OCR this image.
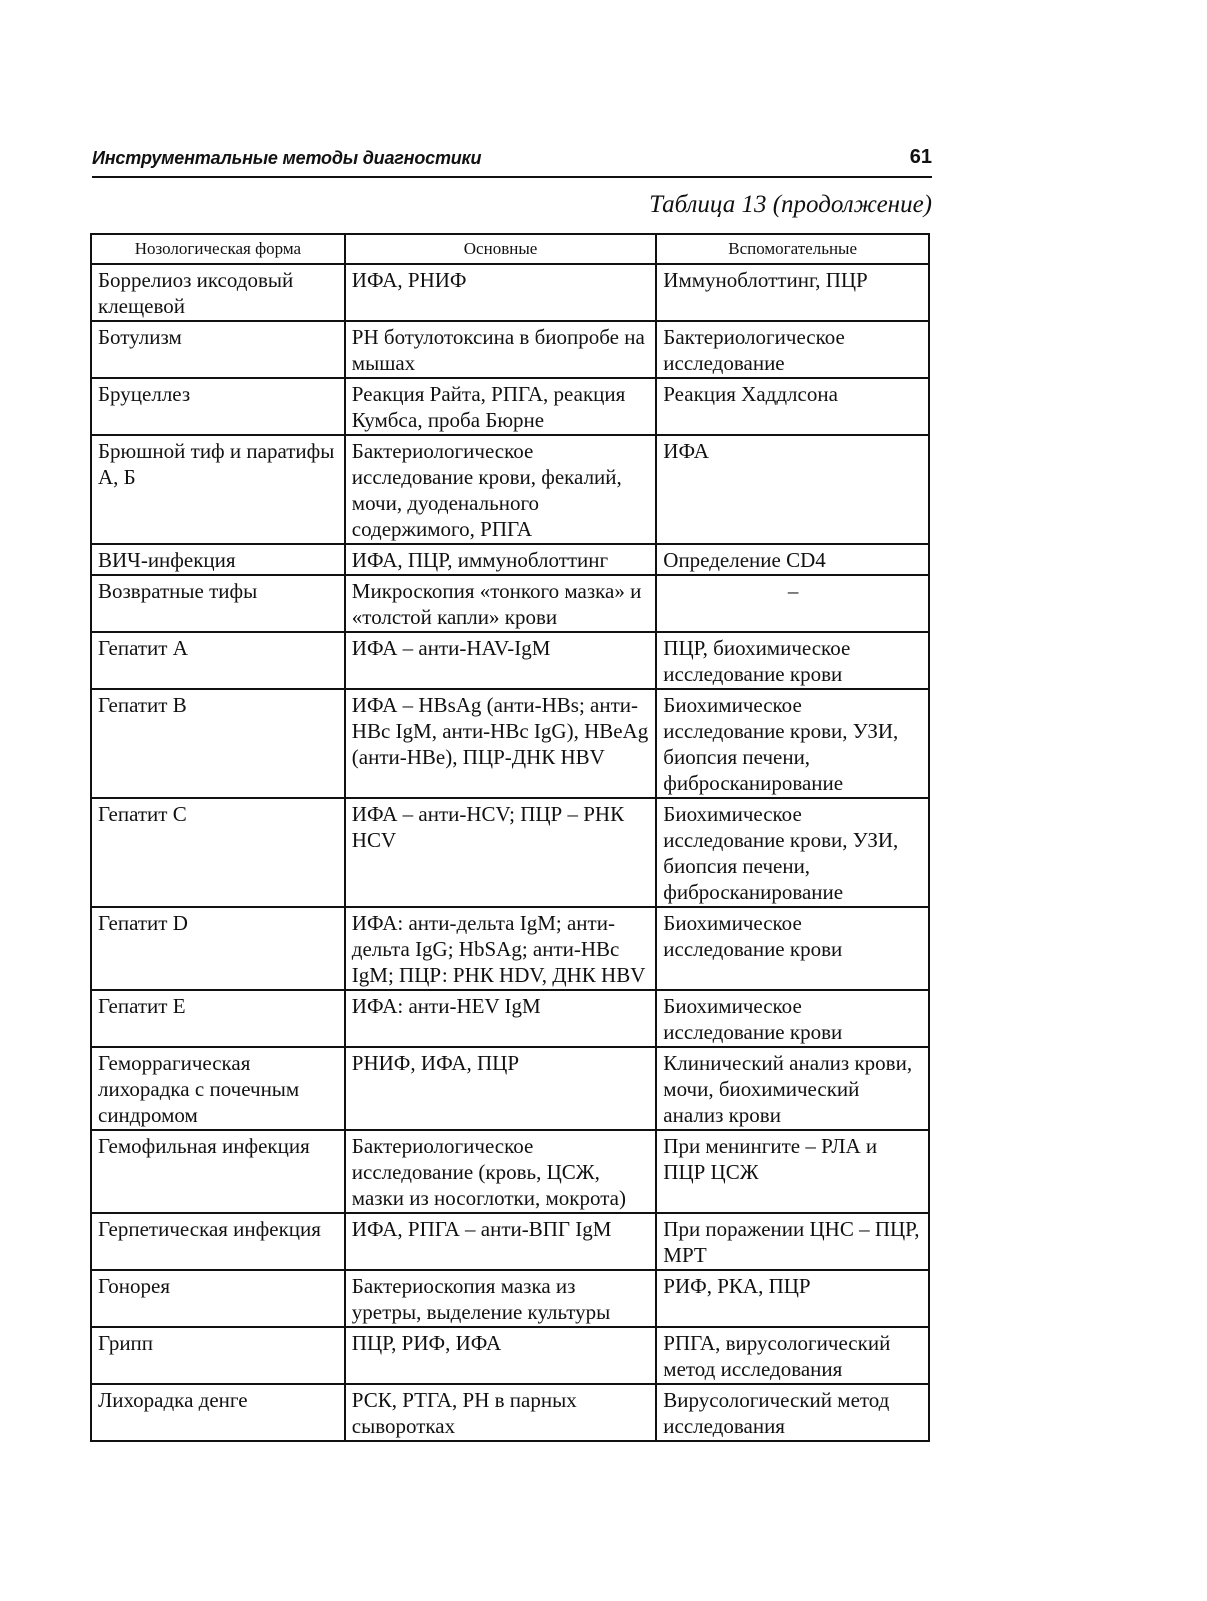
Инструментальные методы диагностики	61
Таблица 13 (продолжение)
Нозологическая форма	Основные	Вспомогательные
Боррелиоз иксодовый клещевой	ИФА, РНИФ	Иммуноблоттинг, ПЦР
Ботулизм	РН ботулотоксина в биопробе на мышах	Бактериологическое исследование
Бруцеллез	Реакция Райта, РПГА, реакция Кумбса, проба Бюрне	Реакция Хаддлсона
Брюшной тиф и паратифы А, Б	Бактериологическое исследование крови, фекалий, мочи, дуоденального содержимого, РПГА	ИФА
ВИЧ-инфекция	ИФА, ПЦР, иммуноблоттинг	Определение CD4
Возвратные тифы	Микроскопия «тонкого мазка» и «толстой капли» крови	–
Гепатит А	ИФА – анти-HAV-IgM	ПЦР, биохимическое исследование крови
Гепатит В	ИФА – HBsAg (анти-HBs; анти-HBc IgM, анти-HBc IgG), HBeAg (анти-HBe), ПЦР-ДНК HBV	Биохимическое исследование крови, УЗИ, биопсия печени, фибросканирование
Гепатит С	ИФА – анти-HCV; ПЦР – РНК HCV	Биохимическое исследование крови, УЗИ, биопсия печени, фибросканирование
Гепатит D	ИФА: анти-дельта IgM; анти-дельта IgG; HbSAg; анти-HBc IgM; ПЦР: РНК HDV, ДНК HBV	Биохимическое исследование крови
Гепатит Е	ИФА: анти-HEV IgM	Биохимическое исследование крови
Геморрагическая лихорадка с почечным синдромом	РНИФ, ИФА, ПЦР	Клинический анализ крови, мочи, биохимический анализ крови
Гемофильная инфекция	Бактериологическое исследование (кровь, ЦСЖ, мазки из носоглотки, мокрота)	При менингите – РЛА и ПЦР ЦСЖ
Герпетическая инфекция	ИФА, РПГА – анти-ВПГ IgM	При поражении ЦНС – ПЦР, МРТ
Гонорея	Бактериоскопия мазка из уретры, выделение культуры	РИФ, РКА, ПЦР
Грипп	ПЦР, РИФ, ИФА	РПГА, вирусологический метод исследования
Лихорадка денге	РСК, РТГА, РН в парных сыворотках	Вирусологический метод исследования
